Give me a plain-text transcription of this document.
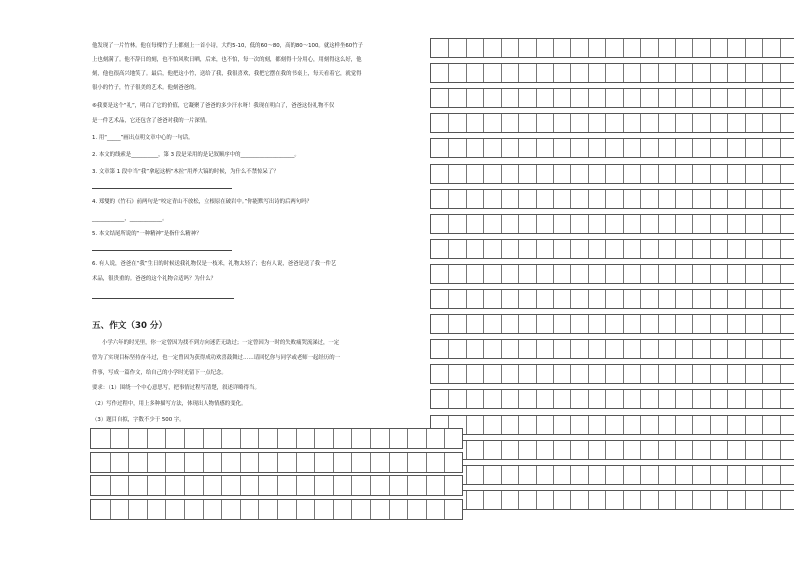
他发现了一片竹林。他在每棵竹子上都刻上一首小诗，大约5-10，低的60～80，高的80～100。就这样坐60竹子
上也刻满了。他不辞日的刻，也不怕风吹日晒，后来，也不怕，每一次的刻，都刻得十分用心，用刻得这么好，他
刻，他也很高兴地笑了。最后，他把这小竹，送给了我，我很喜欢，我把它摆在我的书桌上，每天看着它，就觉得
很小的竹子，竹子很美的艺术。他刻爸爸的。
⑥我要是这个“礼”，明白了它的价值，它凝聚了爸爸的多少汗水呀！我现在明白了，爸爸这份礼物不仅
是一件艺术品，它还包含了爸爸对我的一片深情。
1. 用“_____”画出点明文章中心的一句话。
2. 本文的线索是__________，第 3 段是采用的是记叙顺序中的____________________。
3. 文章第 1 段中当“我”拿起这柄“木拉”用斧大镐的时候，为什么不禁惊呆了？
4. 郑燮的《竹石》前两句是“咬定青山不放松，立根原在破岩中。”你能默写出诗的后两句吗？
____________，____________。
5. 本文结尾所说的“一种精神”是指什么精神？
6. 有人说，爸爸在“我”生日的时候送我礼物仅是一枝米，礼物太轻了；也有人说，爸爸是送了我一件艺
术品，很贵重的。爸爸的这个礼物合适吗？为什么？
五、作文（30 分）
小学六年的时光里，你一定曾因为找不到方向迷茫无助过；一定曾因为一时的失败痛哭流涕过，一定
曾为了实现目标坚持奋斗过，也一定曾因为获得成功欢喜鼓舞过……请回忆你与同学或老师一起经历的一
件事，写成一篇作文，给自己的小学时光留下一点纪念。
要求：（1）围绕一个中心意思写，把事情过程写清楚，叙述详略得当。
（2）写作过程中，用上多种描写方法，体现出人物情感的变化。
（3）题目自拟，字数不少于 500 字。
